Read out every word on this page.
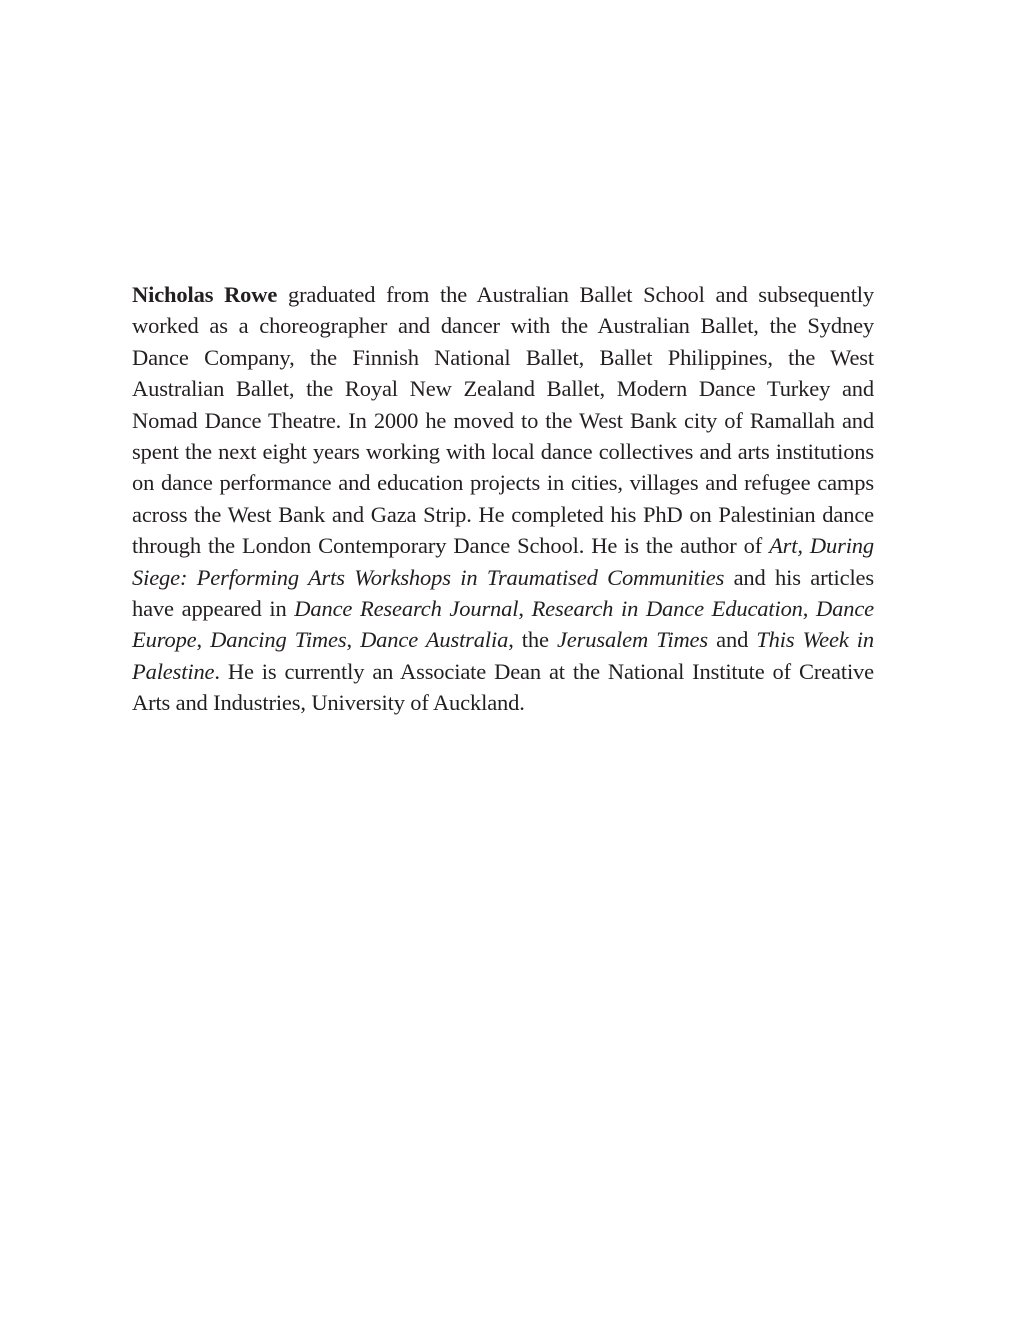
Nicholas Rowe graduated from the Australian Ballet School and subsequently worked as a choreographer and dancer with the Australian Ballet, the Sydney Dance Company, the Finnish National Ballet, Ballet Philippines, the West Australian Ballet, the Royal New Zealand Ballet, Modern Dance Turkey and Nomad Dance Theatre. In 2000 he moved to the West Bank city of Ramallah and spent the next eight years working with local dance collectives and arts institutions on dance performance and education projects in cities, villages and refugee camps across the West Bank and Gaza Strip. He completed his PhD on Palestinian dance through the London Contemporary Dance School. He is the author of Art, During Siege: Performing Arts Workshops in Traumatised Communities and his articles have appeared in Dance Research Journal, Research in Dance Education, Dance Europe, Dancing Times, Dance Australia, the Jerusalem Times and This Week in Palestine. He is currently an Associate Dean at the National Institute of Creative Arts and Industries, University of Auckland.
